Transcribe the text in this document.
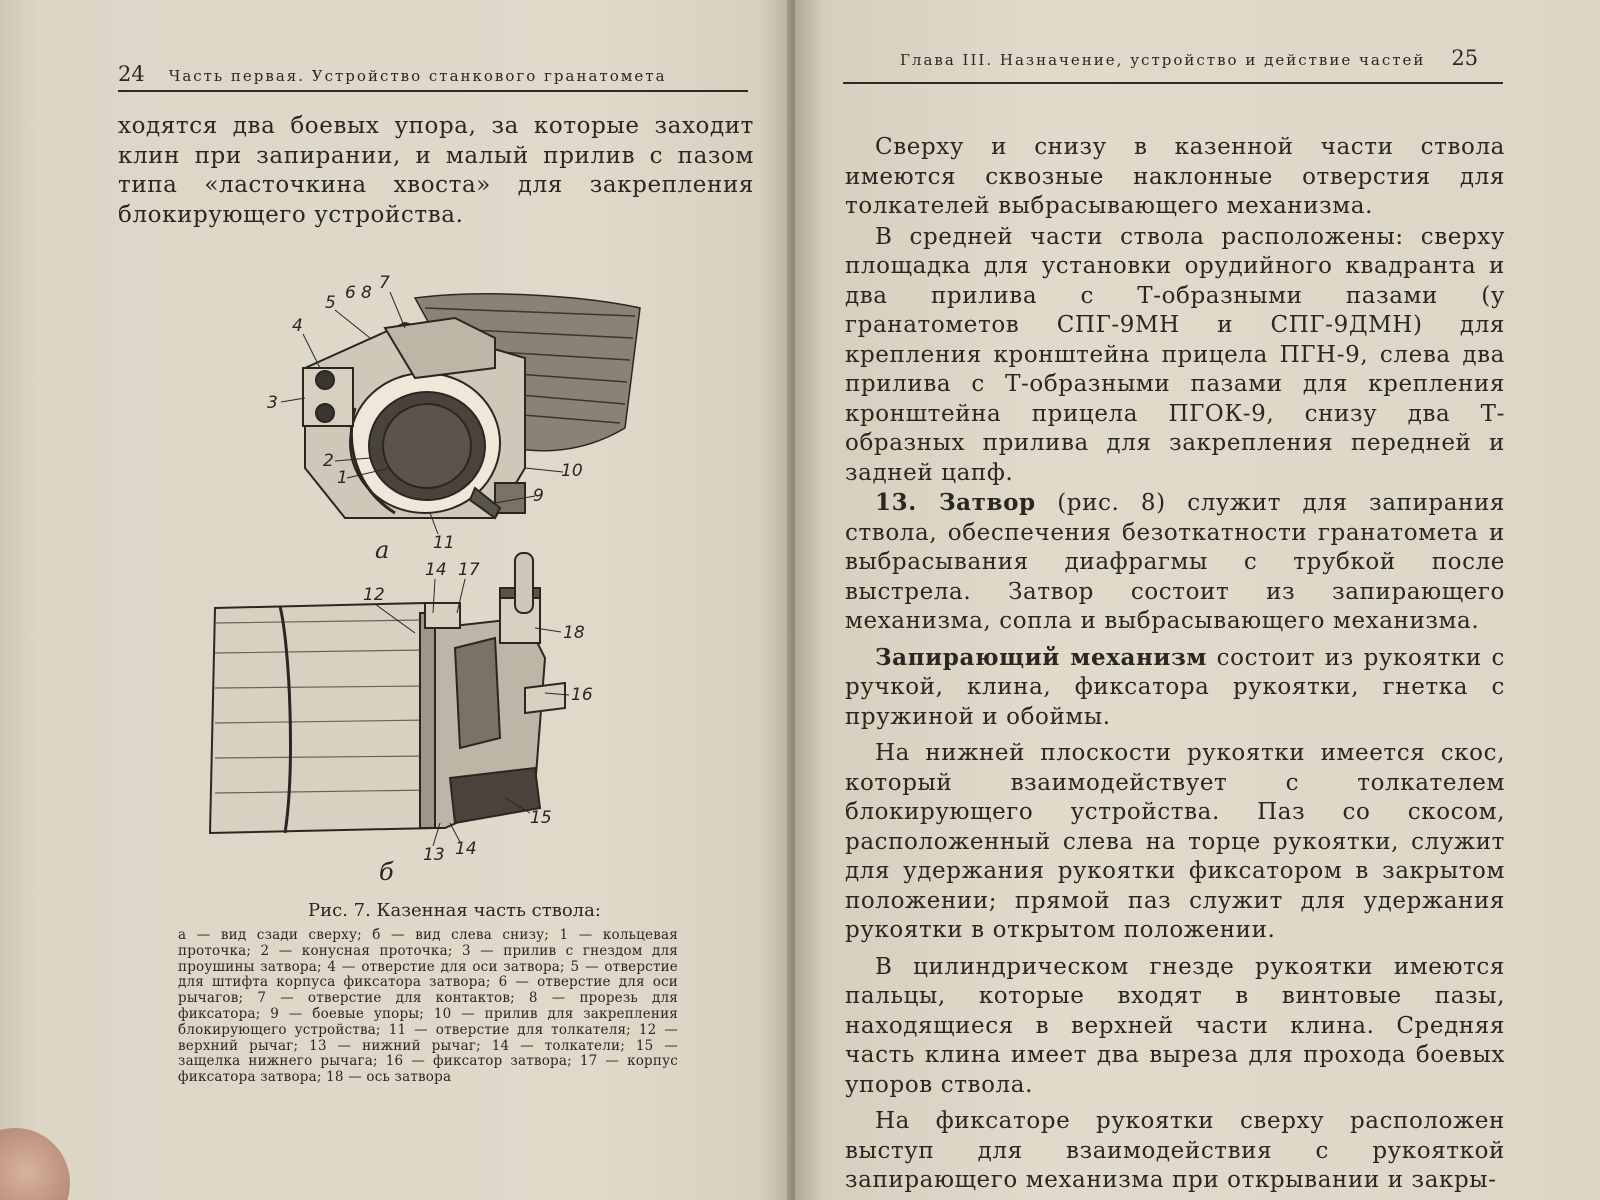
24 Часть первая. Устройство станкового гранатомета

ходятся два боевых упора, за которые заходит клин при запирании, и малый прилив с пазом типа «ласточкина хвоста» для закрепления блокирующего устройства.

1
2
3
4
5 6 8 7
9
10
11
а
12
14 17
18
16
15
13 14
б
Рис. 7. Казенная часть ствола:
а — вид сзади сверху; б — вид слева снизу; 1 — кольцевая проточка; 2 — конусная проточка; 3 — прилив с гнездом для проушины затвора; 4 — отверстие для оси затвора; 5 — отверстие для штифта корпуса фиксатора затвора; 6 — отверстие для оси рычагов; 7 — отверстие для контактов; 8 — прорезь для фиксатора; 9 — боевые упоры; 10 — прилив для закрепления блокирующего устройства; 11 — отверстие для толкателя; 12 — верхний рычаг; 13 — нижний рычаг; 14 — толкатели; 15 — защелка нижнего рычага; 16 — фиксатор затвора; 17 — корпус фиксатора затвора; 18 — ось затвора
Глава III. Назначение, устройство и действие частей 25

Сверху и снизу в казенной части ствола имеются сквозные наклонные отверстия для толкателей выбрасывающего механизма.

В средней части ствола расположены: сверху площадка для установки орудийного квадранта и два прилива с Т-образными пазами (у гранатометов СПГ-9МН и СПГ-9ДМН) для крепления кронштейна прицела ПГН-9, слева два прилива с Т-образными пазами для крепления кронштейна прицела ПГОК-9, снизу два Т-образных прилива для закрепления передней и задней цапф.

13. Затвор (рис. 8) служит для запирания ствола, обеспечения безоткатности гранатомета и выбрасывания диафрагмы с трубкой после выстрела. Затвор состоит из запирающего механизма, сопла и выбрасывающего механизма.

Запирающий механизм состоит из рукоятки с ручкой, клина, фиксатора рукоятки, гнетка с пружиной и обоймы.

На нижней плоскости рукоятки имеется скос, который взаимодействует с толкателем блокирующего устройства. Паз со скосом, расположенный слева на торце рукоятки, служит для удержания рукоятки фиксатором в закрытом положении; прямой паз служит для удержания рукоятки в открытом положении.

В цилиндрическом гнезде рукоятки имеются пальцы, которые входят в винтовые пазы, находящиеся в верхней части клина. Средняя часть клина имеет два выреза для прохода боевых упоров ствола.

На фиксаторе рукоятки сверху расположен выступ для взаимодействия с рукояткой запирающего механизма при открывании и закры-
